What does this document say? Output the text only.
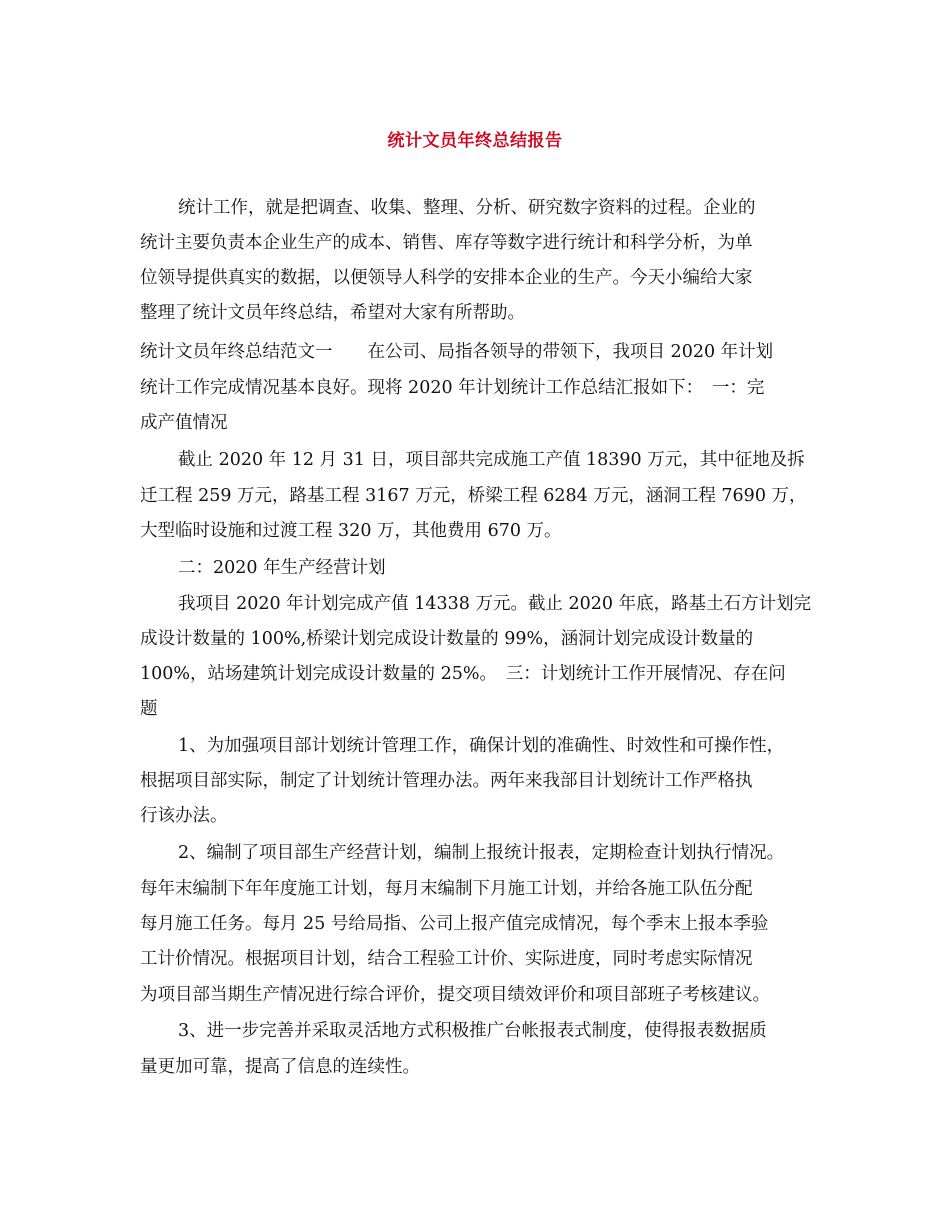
统计文员年终总结报告
统计工作，就是把调查、收集、整理、分析、研究数字资料的过程。企业的
统计主要负责本企业生产的成本、销售、库存等数字进行统计和科学分析，为单
位领导提供真实的数据，以便领导人科学的安排本企业的生产。今天小编给大家
整理了统计文员年终总结，希望对大家有所帮助。
统计文员年终总结范文一　　在公司、局指各领导的带领下，我项目 2020 年计划
统计工作完成情况基本良好。现将 2020 年计划统计工作总结汇报如下：　一：完
成产值情况
截止 2020 年 12 月 31 日，项目部共完成施工产值 18390 万元，其中征地及拆
迁工程 259 万元，路基工程 3167 万元，桥梁工程 6284 万元，涵洞工程 7690 万，
大型临时设施和过渡工程 320 万，其他费用 670 万。
二：2020 年生产经营计划
我项目 2020 年计划完成产值 14338 万元。截止 2020 年底，路基土石方计划完
成设计数量的 100%,桥梁计划完成设计数量的 99%，涵洞计划完成设计数量的
100%，站场建筑计划完成设计数量的 25%。　三：计划统计工作开展情况、存在问
题
1、为加强项目部计划统计管理工作，确保计划的准确性、时效性和可操作性，
根据项目部实际，制定了计划统计管理办法。两年来我部目计划统计工作严格执
行该办法。
2、编制了项目部生产经营计划，编制上报统计报表，定期检查计划执行情况。
每年末编制下年年度施工计划，每月末编制下月施工计划，并给各施工队伍分配
每月施工任务。每月 25 号给局指、公司上报产值完成情况，每个季末上报本季验
工计价情况。根据项目计划，结合工程验工计价、实际进度，同时考虑实际情况
为项目部当期生产情况进行综合评价，提交项目绩效评价和项目部班子考核建议。
3、进一步完善并采取灵活地方式积极推广台帐报表式制度，使得报表数据质
量更加可靠，提高了信息的连续性。
